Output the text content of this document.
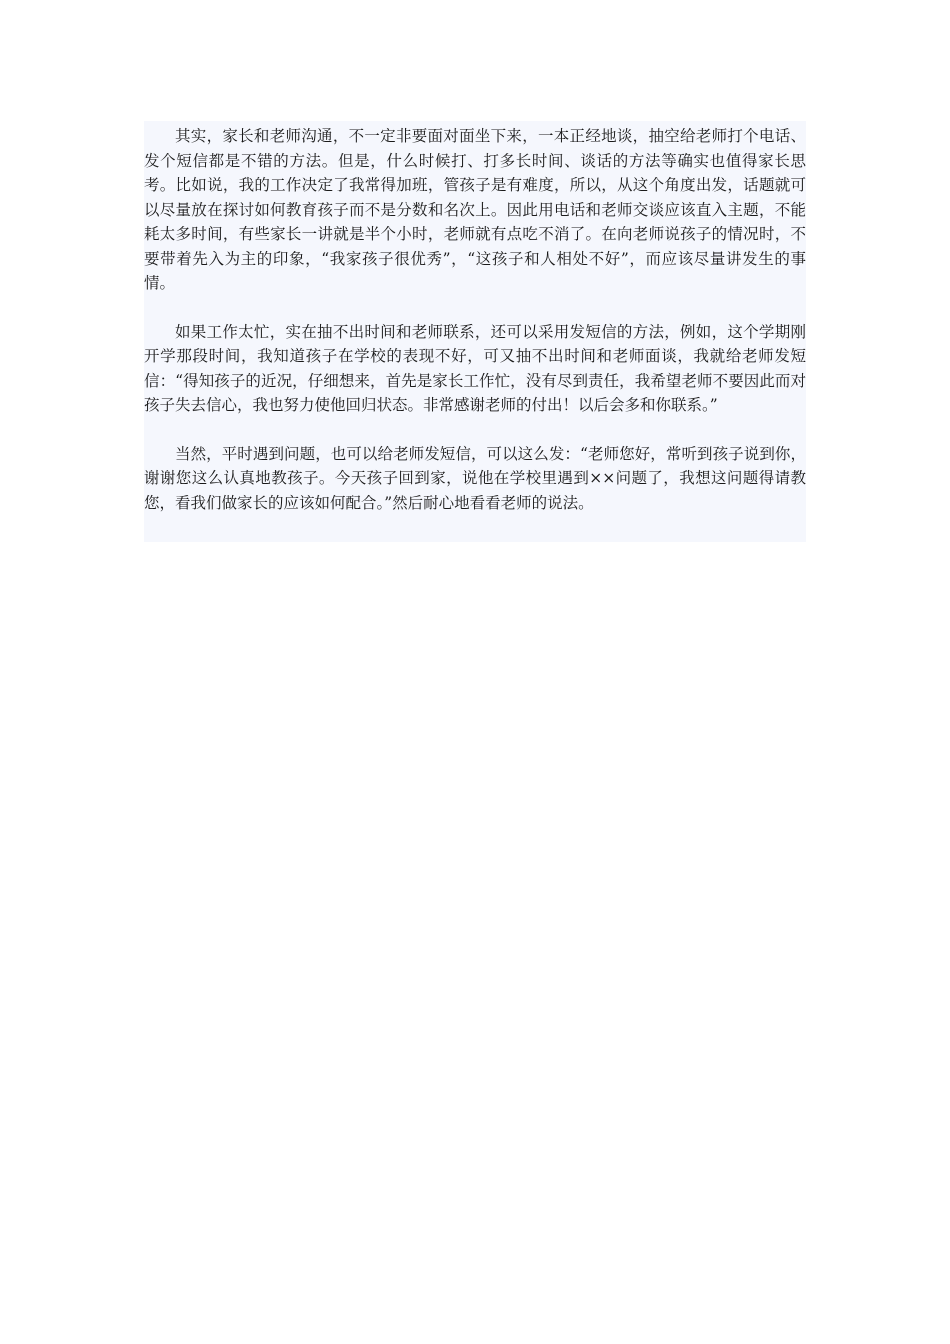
其实，家长和老师沟通，不一定非要面对面坐下来，一本正经地谈，抽空给老师打个电话、发个短信都是不错的方法。但是，什么时候打、打多长时间、谈话的方法等确实也值得家长思考。比如说，我的工作决定了我常得加班，管孩子是有难度，所以，从这个角度出发，话题就可以尽量放在探讨如何教育孩子而不是分数和名次上。因此用电话和老师交谈应该直入主题，不能耗太多时间，有些家长一讲就是半个小时，老师就有点吃不消了。在向老师说孩子的情况时，不要带着先入为主的印象，“我家孩子很优秀”，“这孩子和人相处不好”，而应该尽量讲发生的事情。

如果工作太忙，实在抽不出时间和老师联系，还可以采用发短信的方法，例如，这个学期刚开学那段时间，我知道孩子在学校的表现不好，可又抽不出时间和老师面谈，我就给老师发短信：“得知孩子的近况，仔细想来，首先是家长工作忙，没有尽到责任，我希望老师不要因此而对孩子失去信心，我也努力使他回归状态。非常感谢老师的付出！以后会多和你联系。”

当然，平时遇到问题，也可以给老师发短信，可以这么发：“老师您好，常听到孩子说到你，谢谢您这么认真地教孩子。今天孩子回到家，说他在学校里遇到××问题了，我想这问题得请教您，看我们做家长的应该如何配合。”然后耐心地看看老师的说法。
